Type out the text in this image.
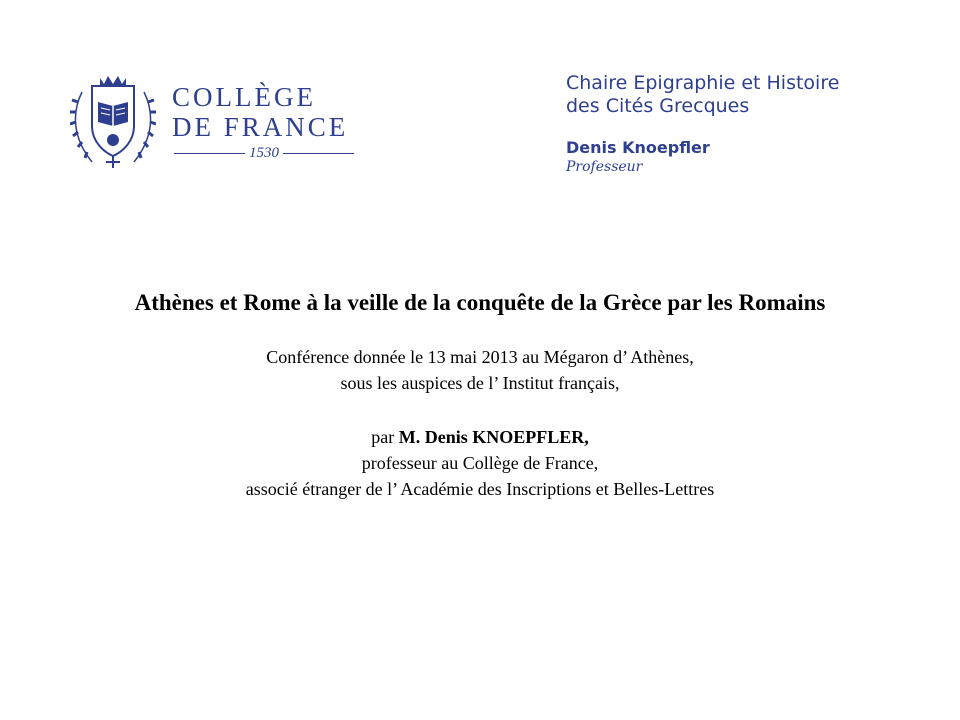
COLLÈGE
DE FRANCE
1530
Chaire Epigraphie et Histoire
des Cités Grecques
Denis Knoepfler
Professeur
Athènes et Rome à la veille de la conquête de la Grèce par les Romains
Conférence donnée le 13 mai 2013 au Mégaron d’ Athènes,
sous les auspices de l’ Institut français,
par M. Denis KNOEPFLER,
professeur au Collège de France,
associé étranger de l’ Académie des Inscriptions et Belles-Lettres
